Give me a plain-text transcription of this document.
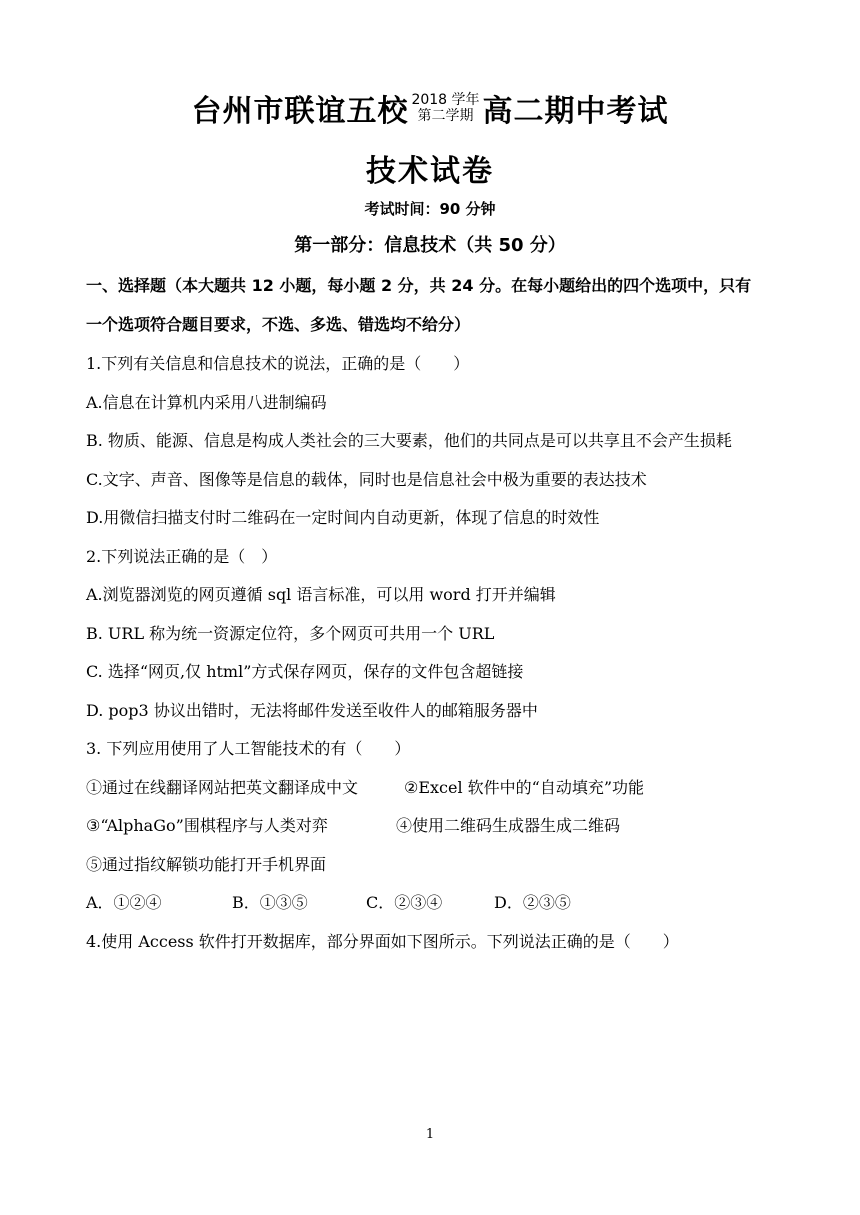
台州市联谊五校 2018 学年
第二学期 高二期中考试
技术试卷
考试时间：90 分钟
第一部分：信息技术（共 50 分）
一、选择题（本大题共 12 小题，每小题 2 分，共 24 分。在每小题给出的四个选项中，只有
一个选项符合题目要求，不选、多选、错选均不给分）
1.下列有关信息和信息技术的说法，正确的是（　　）
A.信息在计算机内采用八进制编码
B. 物质、能源、信息是构成人类社会的三大要素，他们的共同点是可以共享且不会产生损耗
C.文字、声音、图像等是信息的载体，同时也是信息社会中极为重要的表达技术
D.用微信扫描支付时二维码在一定时间内自动更新，体现了信息的时效性
2.下列说法正确的是（　）
A.浏览器浏览的网页遵循 sql 语言标准，可以用 word 打开并编辑
B. URL 称为统一资源定位符，多个网页可共用一个 URL
C. 选择“网页,仅 html”方式保存网页，保存的文件包含超链接
D. pop3 协议出错时，无法将邮件发送至收件人的邮箱服务器中
3. 下列应用使用了人工智能技术的有（　　）
①通过在线翻译网站把英文翻译成中文	②Excel 软件中的“自动填充”功能
③“AlphaGo”围棋程序与人类对弈	④使用二维码生成器生成二维码
⑤通过指纹解锁功能打开手机界面
A．①②④	B．①③⑤	C．②③④	D．②③⑤
4.使用 Access 软件打开数据库，部分界面如下图所示。下列说法正确的是（　　）
1
